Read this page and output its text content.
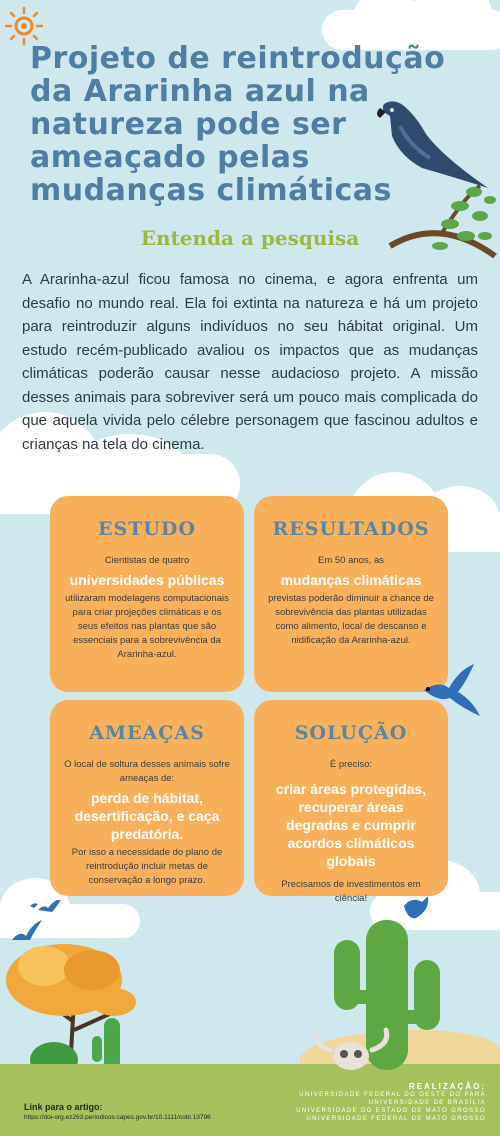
Projeto de reintrodução da Ararinha azul na natureza pode ser ameaçado pelas mudanças climáticas
Entenda a pesquisa

A Ararinha-azul ficou famosa no cinema, e agora enfrenta um desafio no mundo real. Ela foi extinta na natureza e há um projeto para reintroduzir alguns indivíduos no seu hábitat original. Um estudo recém-publicado avaliou os impactos que as mudanças climáticas poderão causar nesse audacioso projeto. A missão desses animais para sobreviver será um pouco mais complicada do que aquela vivida pelo célebre personagem que fascinou adultos e crianças na tela do cinema.

ESTUDO

Cientistas de quatro
universidades públicas
utilizaram modelagens computacionais para criar projeções climáticas e os seus efeitos nas plantas que são essenciais para a sobrevivência da Ararinha-azul.

RESULTADOS

Em 50 anos, as
mudanças climáticas
previstas poderão diminuir a chance de sobrevivência das plantas utilizadas como alimento, local de descanso e nidificação da Ararinha-azul.

AMEAÇAS

O local de soltura desses animais sofre ameaças de:
perda de hábitat, desertificação, e caça predatória.
Por isso a necessidade do plano de reintrodução incluir metas de conservação a longo prazo.

SOLUÇÃO

É preciso:
criar áreas protegidas, recuperar áreas degradas e cumprir acordos climáticos globais
Precisamos de investimentos em ciência!

Link para o artigo:

https://doi-org.ez263.periodicos.capes.gov.br/10.1111/cobi.13796

REALIZAÇÃO:
UNIVERSIDADE FEDERAL DO OESTE DO PARÁ
UNIVERSIDADE DE BRASÍLIA
UNIVERSIDADE DO ESTADO DE MATO GROSSO
UNIVERSIDADE FEDERAL DE MATO GROSSO
